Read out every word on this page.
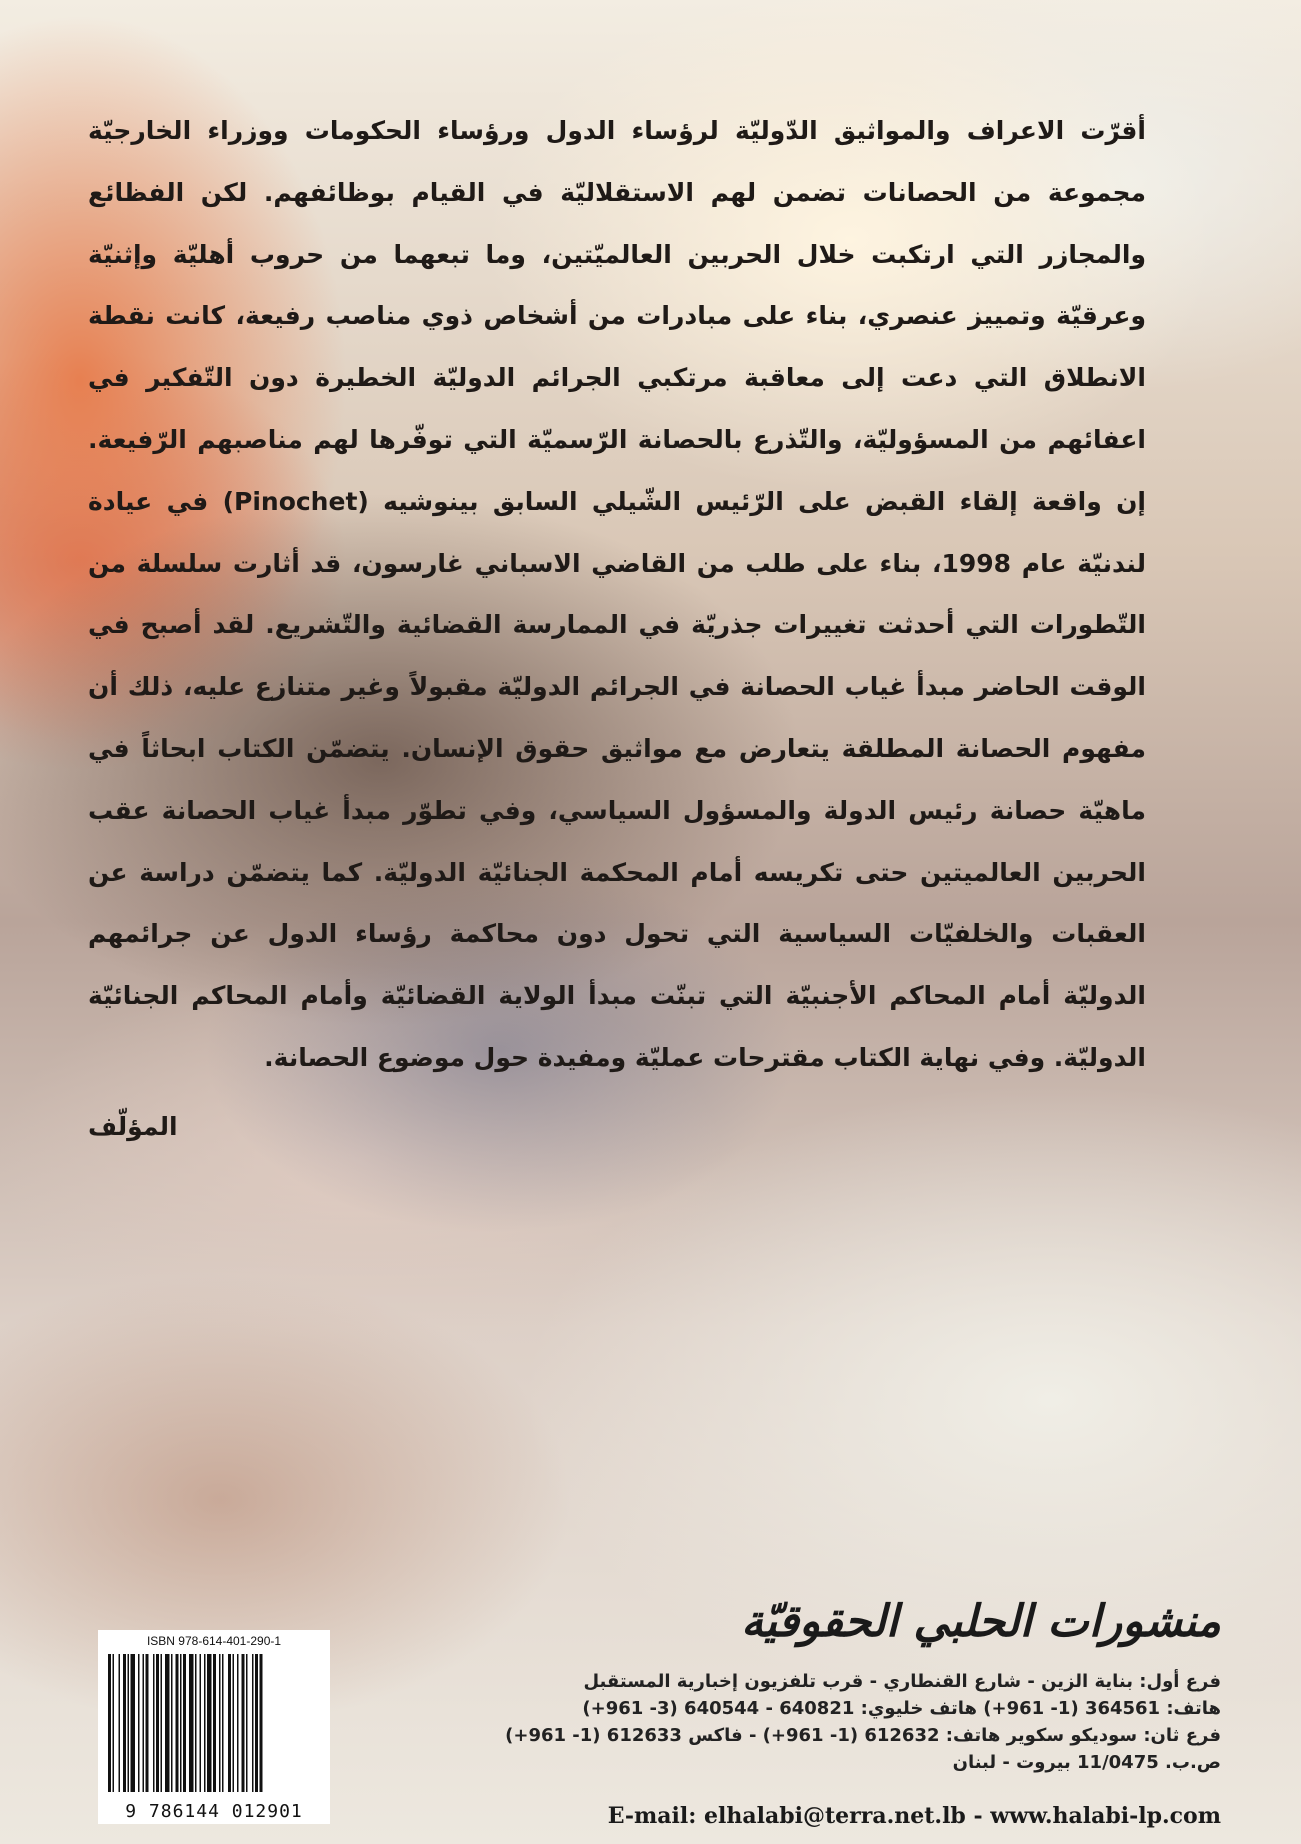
أقرّت الاعراف والمواثيق الدّوليّة لرؤساء الدول ورؤساء الحكومات ووزراء الخارجيّة مجموعة من الحصانات تضمن لهم الاستقلاليّة في القيام بوظائفهم. لكن الفظائع والمجازر التي ارتكبت خلال الحربين العالميّتين، وما تبعهما من حروب أهليّة وإثنيّة وعرقيّة وتمييز عنصري، بناء على مبادرات من أشخاص ذوي مناصب رفيعة، كانت نقطة الانطلاق التي دعت إلى معاقبة مرتكبي الجرائم الدوليّة الخطيرة دون التّفكير في اعفائهم من المسؤوليّة، والتّذرع بالحصانة الرّسميّة التي توفّرها لهم مناصبهم الرّفيعة. إن واقعة إلقاء القبض على الرّئيس الشّيلي السابق بينوشيه (Pinochet) في عيادة لندنيّة عام 1998، بناء على طلب من القاضي الاسباني غارسون، قد أثارت سلسلة من التّطورات التي أحدثت تغييرات جذريّة في الممارسة القضائية والتّشريع. لقد أصبح في الوقت الحاضر مبدأ غياب الحصانة في الجرائم الدوليّة مقبولاً وغير متنازع عليه، ذلك أن مفهوم الحصانة المطلقة يتعارض مع مواثيق حقوق الإنسان. يتضمّن الكتاب ابحاثاً في ماهيّة حصانة رئيس الدولة والمسؤول السياسي، وفي تطوّر مبدأ غياب الحصانة عقب الحربين العالميتين حتى تكريسه أمام المحكمة الجنائيّة الدوليّة. كما يتضمّن دراسة عن العقبات والخلفيّات السياسية التي تحول دون محاكمة رؤساء الدول عن جرائمهم الدوليّة أمام المحاكم الأجنبيّة التي تبنّت مبدأ الولاية القضائيّة وأمام المحاكم الجنائيّة الدوليّة. وفي نهاية الكتاب مقترحات عمليّة ومفيدة حول موضوع الحصانة.
المؤلّف
منشورات الحلبي الحقوقيّة
فرع أول: بناية الزين - شارع القنطاري - قرب تلفزيون إخبارية المستقبل
هاتف: 364561 (1- 961+) هاتف خليوي: 640821 - 640544 (3- 961+)
فرع ثان: سوديكو سكوير هاتف: 612632 (1- 961+) - فاكس 612633 (1- 961+)
ص.ب. 11/0475 بيروت - لبنان
E-mail: elhalabi@terra.net.lb - www.halabi-lp.com
ISBN 978-614-401-290-1
9 786144 012901
